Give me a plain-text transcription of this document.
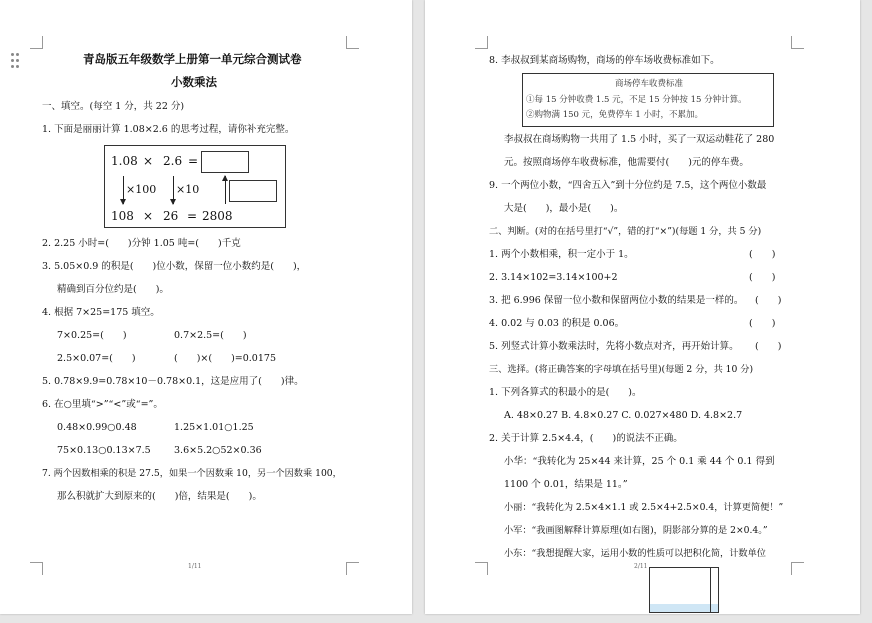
青岛版五年级数学上册第一单元综合测试卷
小数乘法
一、填空。(每空 1 分，共 22 分)
1. 下面是丽丽计算 1.08×2.6 的思考过程，请你补充完整。
1.08 × 2.6 =
×100 ×10
108 × 26 = 2808
2. 2.25 小时=(　　)分钟 1.05 吨=(　　)千克
3. 5.05×0.9 的积是(　　)位小数，保留一位小数约是(　　)，
精确到百分位约是(　　)。
4. 根据 7×25=175 填空。
7×0.25=(　　)	0.7×2.5=(　　)
2.5×0.07=(　　)	(　　)×(　　)=0.0175
5. 0.78×9.9=0.78×10－0.78×0.1，这是应用了(　　)律。
6. 在○里填“>”“<”或“=”。
0.48×0.99○0.48	1.25×1.01○1.25
75×0.13○0.13×7.5 3.6×5.2○52×0.36
7. 两个因数相乘的积是 27.5，如果一个因数乘 10，另一个因数乘 100，
那么积就扩大到原来的(　　)倍，结果是(　　)。
1/11
8. 李叔叔到某商场购物，商场的停车场收费标准如下。
商场停车收费标准
①每 15 分钟收费 1.5 元，不足 15 分钟按 15 分钟计算。
②购物满 150 元，免费停车 1 小时，不累加。
李叔叔在商场购物一共用了 1.5 小时，买了一双运动鞋花了 280
元。按照商场停车收费标准，他需要付(　　)元的停车费。
9. 一个两位小数，“四舍五入”到十分位约是 7.5，这个两位小数最
大是(　　)，最小是(　　)。
二、判断。(对的在括号里打“√”，错的打“×”)(每题 1 分，共 5 分)
1. 两个小数相乘，积一定小于 1。	(　　)
2. 3.14×102=3.14×100+2	(　　)
3. 把 6.996 保留一位小数和保留两位小数的结果是一样的。 (　　)
4. 0.02 与 0.03 的积是 0.06。	(　　)
5. 列竖式计算小数乘法时，先将小数点对齐，再开始计算。 (　　)
三、选择。(将正确答案的字母填在括号里)(每题 2 分，共 10 分)
1. 下列各算式的积最小的是(　　)。
A. 48×0.27 B. 4.8×0.27 C. 0.027×480 D. 4.8×2.7
2. 关于计算 2.5×4.4，(　　)的说法不正确。
小华：“我转化为 25×44 来计算，25 个 0.1 乘 44 个 0.1 得到
1100 个 0.01，结果是 11。”
小丽：“我转化为 2.5×4×1.1 或 2.5×4+2.5×0.4，计算更简便！”
小军：“我画图解释计算原理(如右图)，阴影部分算的是 2×0.4。”
小东：“我想提醒大家，运用小数的性质可以把积化简，计数单位
2/11
